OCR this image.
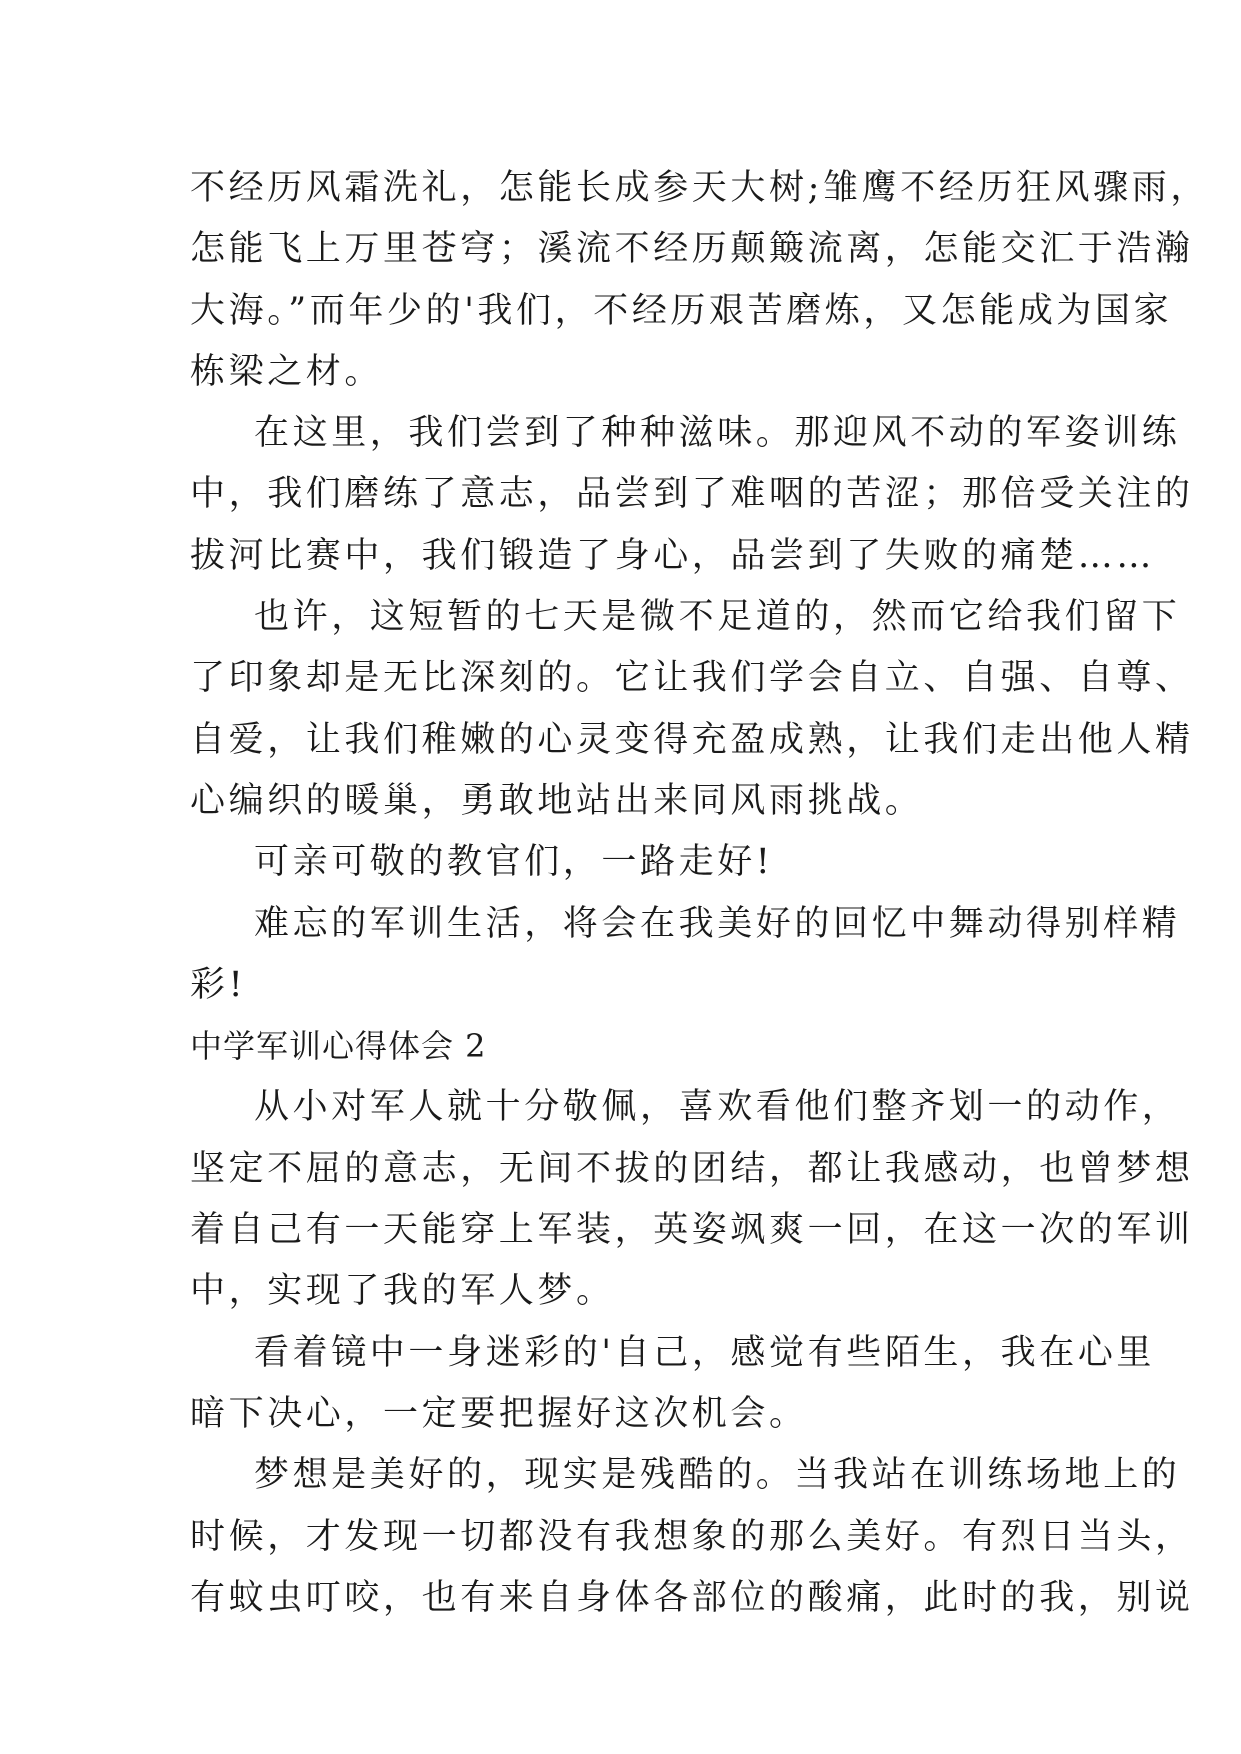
不经历风霜洗礼，怎能长成参天大树;雏鹰不经历狂风骤雨，
怎能飞上万里苍穹；溪流不经历颠簸流离，怎能交汇于浩瀚
大海。”而年少的'我们，不经历艰苦磨炼，又怎能成为国家
栋梁之材。
在这里，我们尝到了种种滋味。那迎风不动的军姿训练
中，我们磨练了意志，品尝到了难咽的苦涩；那倍受关注的
拔河比赛中，我们锻造了身心，品尝到了失败的痛楚……
也许，这短暂的七天是微不足道的，然而它给我们留下
了印象却是无比深刻的。它让我们学会自立、自强、自尊、
自爱，让我们稚嫩的心灵变得充盈成熟，让我们走出他人精
心编织的暖巢，勇敢地站出来同风雨挑战。
可亲可敬的教官们，一路走好!
难忘的军训生活，将会在我美好的回忆中舞动得别样精
彩!
中学军训心得体会 2
从小对军人就十分敬佩，喜欢看他们整齐划一的动作，
坚定不屈的意志，无间不拔的团结，都让我感动，也曾梦想
着自己有一天能穿上军装，英姿飒爽一回，在这一次的军训
中，实现了我的军人梦。
看着镜中一身迷彩的'自己，感觉有些陌生，我在心里
暗下决心，一定要把握好这次机会。
梦想是美好的，现实是残酷的。当我站在训练场地上的
时候，才发现一切都没有我想象的那么美好。有烈日当头，
有蚊虫叮咬，也有来自身体各部位的酸痛，此时的我，别说
